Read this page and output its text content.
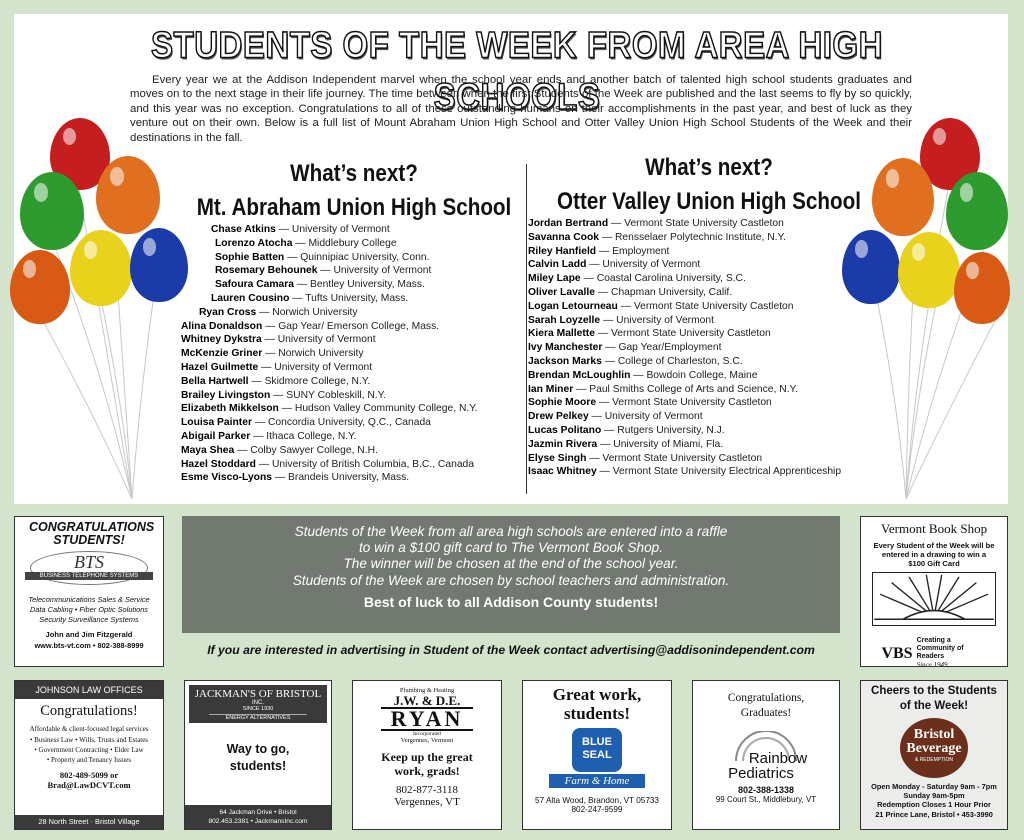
STUDENTS OF THE WEEK FROM AREA HIGH SCHOOLS

Every year we at the Addison Independent marvel when the school year ends and another batch of talented high school students graduates and moves on to the next stage in their life journey. The time between when the first Students of the Week are published and the last seems to fly by so quickly, and this year was no exception. Congratulations to all of these outstanding humans on their accomplishments in the past year, and best of luck as they venture out on their own. Below is a full list of Mount Abraham Union High School and Otter Valley Union High School Students of the Week and their destinations in the fall.

What’s next?
Mt. Abraham Union High School
What’s next?
Otter Valley Union High School
Chase Atkins — University of Vermont
Lorenzo Atocha — Middlebury College
Sophie Batten — Quinnipiac University, Conn.
Rosemary Behounek — University of Vermont
Safoura Camara — Bentley University, Mass.
Lauren Cousino — Tufts University, Mass.
Ryan Cross — Norwich University
Alina Donaldson — Gap Year/ Emerson College, Mass.
Whitney Dykstra — University of Vermont
McKenzie Griner — Norwich University
Hazel Guilmette — University of Vermont
Bella Hartwell — Skidmore College, N.Y.
Brailey Livingston — SUNY Cobleskill, N.Y.
Elizabeth Mikkelson — Hudson Valley Community College, N.Y.
Louisa Painter — Concordia University, Q.C., Canada
Abigail Parker — Ithaca College, N.Y.
Maya Shea — Colby Sawyer College, N.H.
Hazel Stoddard — University of British Columbia, B.C., Canada
Esme Visco-Lyons — Brandeis University, Mass.
Jordan Bertrand — Vermont State University Castleton
Savanna Cook — Rensselaer Polytechnic Institute, N.Y.
Riley Hanfield — Employment
Calvin Ladd — University of Vermont
Miley Lape — Coastal Carolina University, S.C.
Oliver Lavalle — Chapman University, Calif.
Logan Letourneau — Vermont State University Castleton
Sarah Loyzelle — University of Vermont
Kiera Mallette — Vermont State University Castleton
Ivy Manchester — Gap Year/Employment
Jackson Marks — College of Charleston, S.C.
Brendan McLoughlin — Bowdoin College, Maine
Ian Miner — Paul Smiths College of Arts and Science, N.Y.
Sophie Moore — Vermont State University Castleton
Drew Pelkey — University of Vermont
Lucas Politano — Rutgers University, N.J.
Jazmin Rivera — University of Miami, Fla.
Elyse Singh — Vermont State University Castleton
Isaac Whitney — Vermont State University Electrical Apprenticeship
CONGRATULATIONS STUDENTS!
BTS
BUSINESS TELEPHONE SYSTEMS
Telecommunications Sales & Service
Data Cabling • Fiber Optic Solutions
Security Surveillance Systems
John and Jim Fitzgerald
www.bts-vt.com • 802-388-8999
Students of the Week from all area high schools are entered into a raffle
to win a $100 gift card to The Vermont Book Shop.
The winner will be chosen at the end of the school year.
Students of the Week are chosen by school teachers and administration.
Best of luck to all Addison County students!
If you are interested in advertising in Student of the Week contact advertising@addisonindependent.com
Vermont Book Shop
Every Student of the Week will be entered in a drawing to win a $100 Gift Card
VBS
Creating a Community of Readers
Since 1949
JOHNSON LAW OFFICES
Congratulations!
Affordable & client-focused legal services
• Business Law • Wills, Trusts and Estates
• Government Contracting • Elder Law
• Property and Tenancy Issues
802-489-5099 or
Brad@LawDCVT.com
28 North Street · Bristol Village
JACKMAN'S OF BRISTOL
INC.
SINCE 1930
ENERGY ALTERNATIVES
Way to go, students!
64 Jackman Drive • Bristol
802.453.2381 • JackmansInc.com
Plumbing & Heating
J.W. & D.E.
RYAN
Incorporated
Vergennes, Vermont
Keep up the great work, grads!
802-877-3118
Vergennes, VT
Great work, students!
BLUE
SEAL
Farm & Home
57 Alta Wood, Brandon, VT 05733
802-247-9599
Congratulations, Graduates!
Rainbow
Pediatrics
802-388-1338
99 Court St., Middlebury, VT
Cheers to the Students of the Week!
Bristol
Beverage
& REDEMPTION
Open Monday - Saturday 9am - 7pm
Sunday 9am-5pm
Redemption Closes 1 Hour Prior
21 Prince Lane, Bristol • 453-3990
